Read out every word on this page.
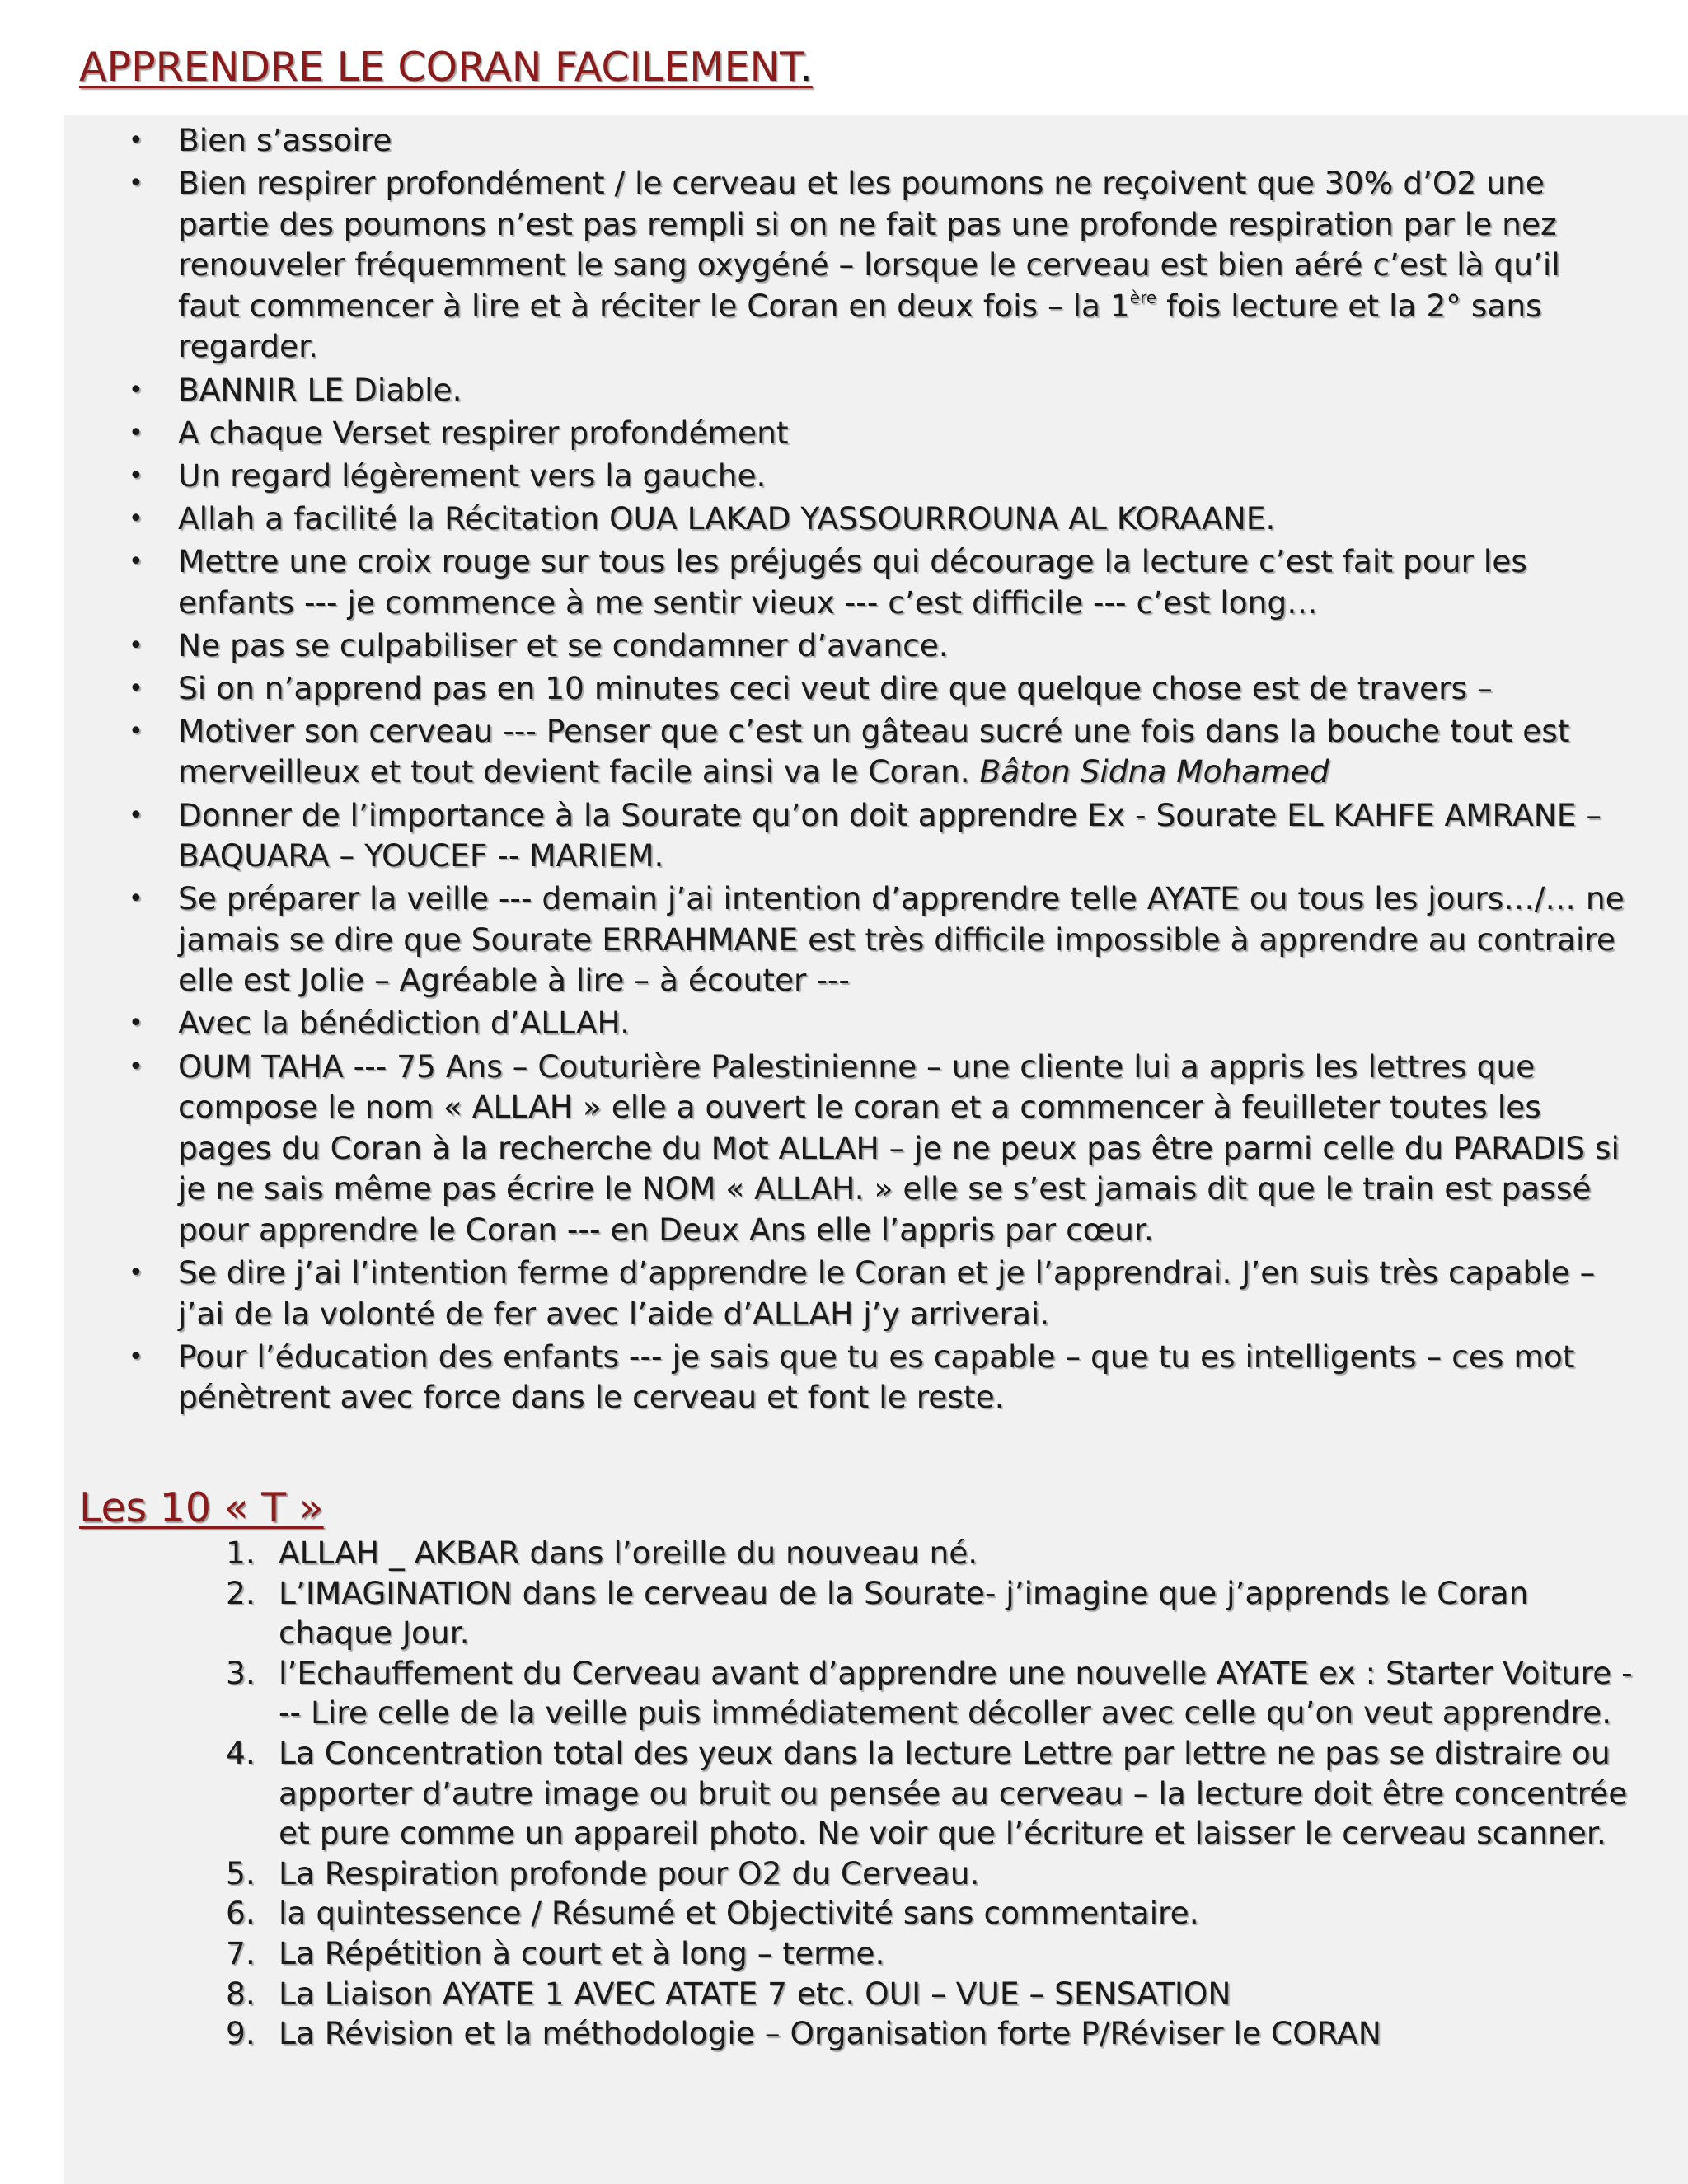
APPRENDRE LE CORAN FACILEMENT.
• Bien s’assoire
• Bien respirer profondément / le cerveau et les poumons ne reçoivent que 30% d’O2 une partie des poumons n’est pas rempli si on ne fait pas une profonde respiration par le nez renouveler fréquemment le sang oxygéné – lorsque le cerveau est bien aéré c’est là qu’il faut commencer à lire et à réciter le Coran en deux fois – la 1ère fois lecture et la 2° sans regarder.
• BANNIR LE Diable.
• A chaque Verset respirer profondément
• Un regard légèrement vers la gauche.
• Allah a facilité la Récitation OUA LAKAD YASSOURROUNA AL KORAANE.
• Mettre une croix rouge sur tous les préjugés qui décourage la lecture c’est fait pour les enfants --- je commence à me sentir vieux --- c’est difficile --- c’est long…
• Ne pas se culpabiliser et se condamner d’avance.
• Si on n’apprend pas en 10 minutes ceci veut dire que quelque chose est de travers –
• Motiver son cerveau --- Penser que c’est un gâteau sucré une fois dans la bouche tout est merveilleux et tout devient facile ainsi va le Coran. Bâton Sidna Mohamed
• Donner de l’importance à la Sourate qu’on doit apprendre Ex - Sourate EL KAHFE AMRANE – BAQUARA – YOUCEF -- MARIEM.
• Se préparer la veille --- demain j’ai intention d’apprendre telle AYATE ou tous les jours…/… ne jamais se dire que Sourate ERRAHMANE est très difficile impossible à apprendre au contraire elle est Jolie – Agréable à lire – à écouter ---
• Avec la bénédiction d’ALLAH.
• OUM TAHA --- 75 Ans – Couturière Palestinienne – une cliente lui a appris les lettres que compose le nom « ALLAH » elle a ouvert le coran et a commencer à feuilleter toutes les pages du Coran à la recherche du Mot ALLAH – je ne peux pas être parmi celle du PARADIS si je ne sais même pas écrire le NOM « ALLAH. » elle se s’est jamais dit que le train est passé pour apprendre le Coran --- en Deux Ans elle l’appris par cœur.
• Se dire j’ai l’intention ferme d’apprendre le Coran et je l’apprendrai. J’en suis très capable – j’ai de la volonté de fer avec l’aide d’ALLAH j’y arriverai.
• Pour l’éducation des enfants --- je sais que tu es capable – que tu es intelligents – ces mot pénètrent avec force dans le cerveau et font le reste.
Les 10 « T »
1. ALLAH _ AKBAR dans l’oreille du nouveau né.
2. L’IMAGINATION dans le cerveau de la Sourate- j’imagine que j’apprends le Coran chaque Jour.
3. l’Echauffement du Cerveau avant d’apprendre une nouvelle AYATE ex : Starter Voiture --- Lire celle de la veille puis immédiatement décoller avec celle qu’on veut apprendre.
4. La Concentration total des yeux dans la lecture Lettre par lettre ne pas se distraire ou apporter d’autre image ou bruit ou pensée au cerveau – la lecture doit être concentrée et pure comme un appareil photo. Ne voir que l’écriture et laisser le cerveau scanner.
5. La Respiration profonde pour O2 du Cerveau.
6. la quintessence / Résumé et Objectivité sans commentaire.
7. La Répétition à court et à long – terme.
8. La Liaison AYATE 1 AVEC ATATE 7 etc. OUI – VUE – SENSATION
9. La Révision et la méthodologie – Organisation forte P/Réviser le CORAN
